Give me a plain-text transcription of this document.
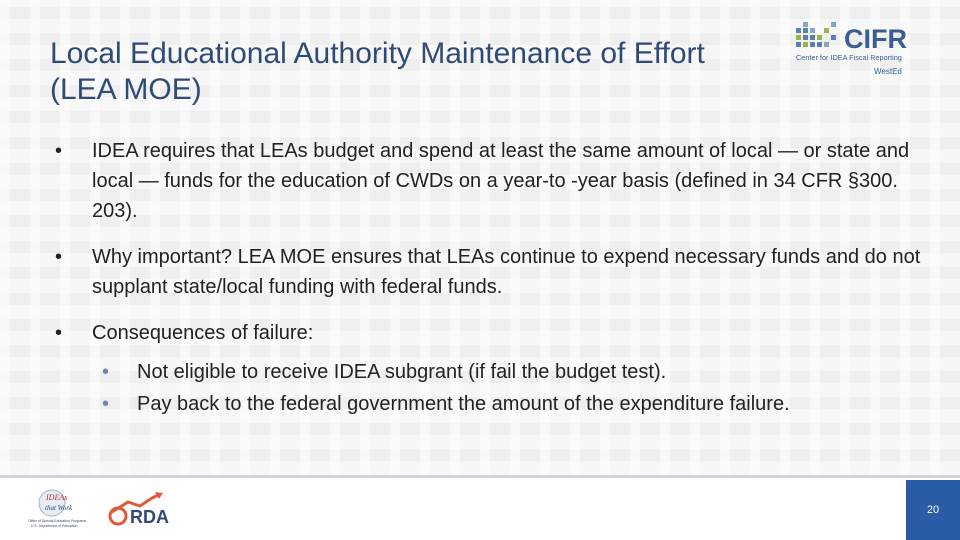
Local Educational Authority Maintenance of Effort (LEA MOE)
CIFR
Center for IDEA Fiscal Reporting
WestEd
•	IDEA requires that LEAs budget and spend at least the same amount of local — or state and local — funds for the education of CWDs on a year-to -year basis (defined in 34 CFR §300. 203).
•	Why important? LEA MOE ensures that LEAs continue to expend necessary funds and do not supplant state/local funding with federal funds.
•	Consequences of failure:
•	Not eligible to receive IDEA subgrant (if fail the budget test).
•	Pay back to the federal government the amount of the expenditure failure.
IDEAs
that Work
Office of Special Education Programs
U.S. Department of Education	RDA	20
